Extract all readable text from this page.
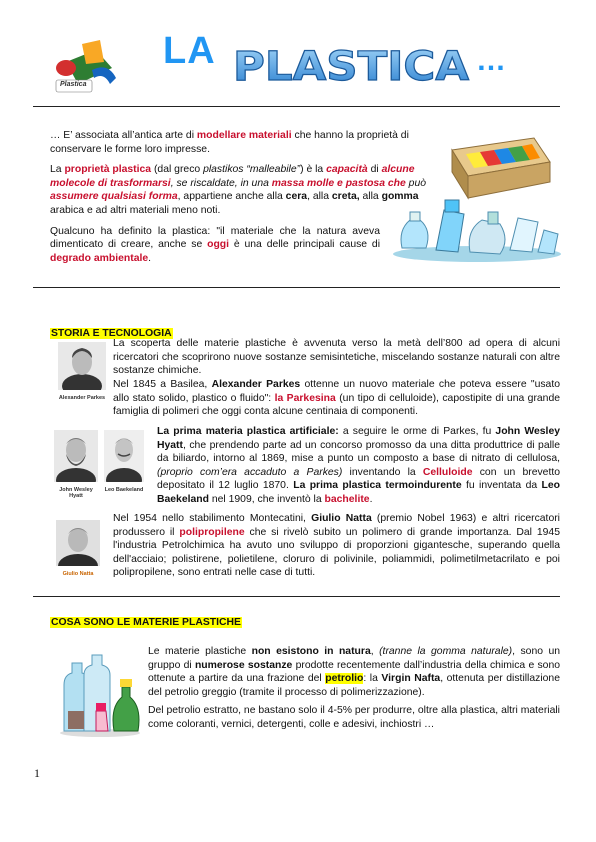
Plastica
LA PLASTICA …

… E’ associata all’antica arte di modellare materiali che hanno la proprietà di conservare le forme loro impresse.

La proprietà plastica (dal greco plastikos “malleabile”) è la capacità di alcune molecole di trasformarsi, se riscaldate, in una massa molle e pastosa che può assumere qualsiasi forma, appartiene anche alla cera, alla creta, alla gomma arabica e ad altri materiali meno noti.

Qualcuno ha definito la plastica: "il materiale che la natura aveva dimenticato di creare, anche se oggi è una delle principali cause di degrado ambientale.

STORIA E TECNOLOGIA
Alexander Parkes
John Wesley Hyatt
Leo Baekeland
Giulio Natta
La scoperta delle materie plastiche è avvenuta verso la metà dell’800 ad opera di alcuni ricercatori che scoprirono nuove sostanze semisintetiche, miscelando sostanze naturali con altre sostanze chimiche.
Nel 1845 a Basilea, Alexander Parkes ottenne un nuovo materiale che poteva essere "usato allo stato solido, plastico o fluido": la Parkesina (un tipo di celluloide), capostipite di una grande famiglia di polimeri che oggi conta alcune centinaia di componenti.
La prima materia plastica artificiale: a seguire le orme di Parkes, fu John Wesley Hyatt, che prendendo parte ad un concorso promosso da una ditta produttrice di palle da biliardo, intorno al 1869, mise a punto un composto a base di nitrato di cellulosa, (proprio com’era accaduto a Parkes) inventando la Celluloide con un brevetto depositato il 12 luglio 1870. La prima plastica termoindurente fu inventata da Leo Baekeland nel 1909, che inventò la bachelite.
Nel 1954 nello stabilimento Montecatini, Giulio Natta (premio Nobel 1963) e altri ricercatori produssero il polipropilene che si rivelò subito un polimero di grande importanza. Dal 1945 l'industria Petrolchimica ha avuto uno sviluppo di proporzioni gigantesche, superando quella dell'acciaio; polistirene, polietilene, cloruro di polivinile, poliammidi, polimetilmetacrilato e poi polipropilene, sono entrati nelle case di tutti.
COSA SONO LE MATERIE PLASTICHE
Le materie plastiche non esistono in natura, (tranne la gomma naturale), sono un gruppo di numerose sostanze prodotte recentemente dall’industria della chimica e sono ottenute a partire da una frazione del petrolio: la Virgin Nafta, ottenuta per distillazione del petrolio greggio (tramite il processo di polimerizzazione).
Del petrolio estratto, ne bastano solo il 4-5% per produrre, oltre alla plastica, altri materiali come coloranti, vernici, detergenti, colle e adesivi, inchiostri …
1
